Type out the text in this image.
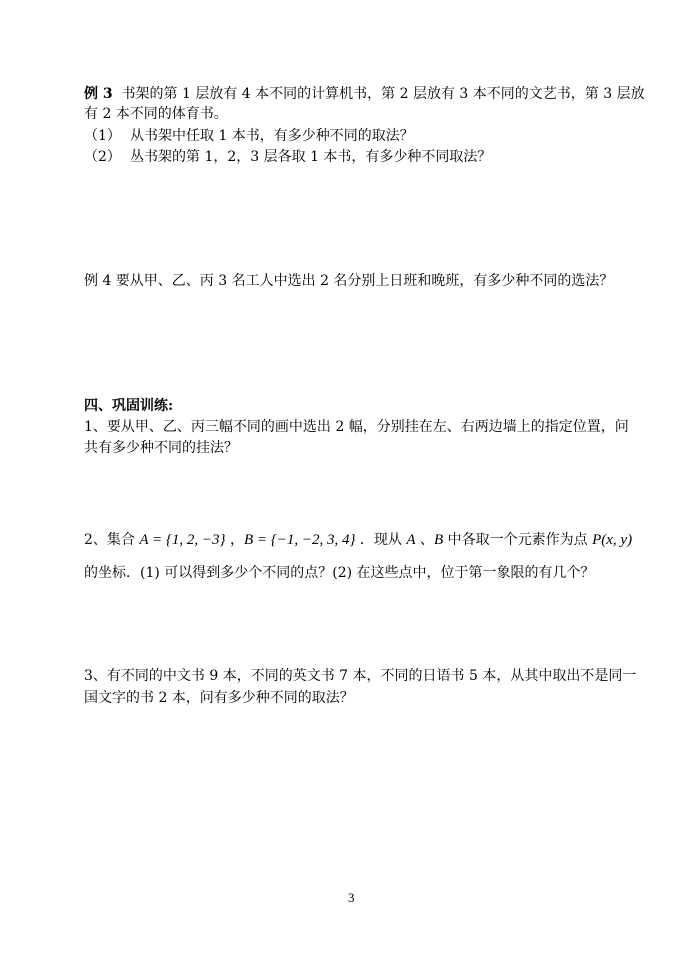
例 3 书架的第 1 层放有 4 本不同的计算机书，第 2 层放有 3 本不同的文艺书，第 3 层放
有 2 本不同的体育书。
（1） 从书架中任取 1 本书，有多少种不同的取法？
（2） 丛书架的第 1，2，3 层各取 1 本书，有多少种不同取法？
例 4 要从甲、乙、丙 3 名工人中选出 2 名分别上日班和晚班，有多少种不同的选法？
四、巩固训练:
1、要从甲、乙、丙三幅不同的画中选出 2 幅，分别挂在左、右两边墙上的指定位置，问
共有多少种不同的挂法？
2、集合 A = {1, 2, −3} ，B = {−1, −2, 3, 4} ．现从 A 、B 中各取一个元素作为点 P(x, y)
的坐标．(1) 可以得到多少个不同的点？(2) 在这些点中，位于第一象限的有几个？
3、有不同的中文书 9 本，不同的英文书 7 本，不同的日语书 5 本，从其中取出不是同一
国文字的书 2 本，问有多少种不同的取法？
3
